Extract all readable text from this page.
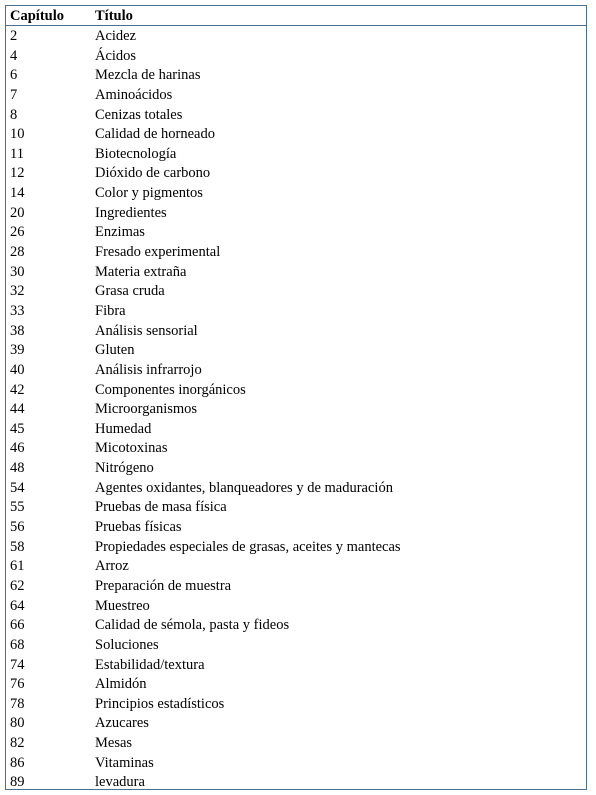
Capítulo Título
2	Acidez
4	Ácidos
6	Mezcla de harinas
7	Aminoácidos
8	Cenizas totales
10	Calidad de horneado
11	Biotecnología
12	Dióxido de carbono
14	Color y pigmentos
20	Ingredientes
26	Enzimas
28	Fresado experimental
30	Materia extraña
32	Grasa cruda
33	Fibra
38	Análisis sensorial
39	Gluten
40	Análisis infrarrojo
42	Componentes inorgánicos
44	Microorganismos
45	Humedad
46	Micotoxinas
48	Nitrógeno
54	Agentes oxidantes, blanqueadores y de maduración
55	Pruebas de masa física
56	Pruebas físicas
58	Propiedades especiales de grasas, aceites y mantecas
61	Arroz
62	Preparación de muestra
64	Muestreo
66	Calidad de sémola, pasta y fideos
68	Soluciones
74	Estabilidad/textura
76	Almidón
78	Principios estadísticos
80	Azucares
82	Mesas
86	Vitaminas
89	levadura
